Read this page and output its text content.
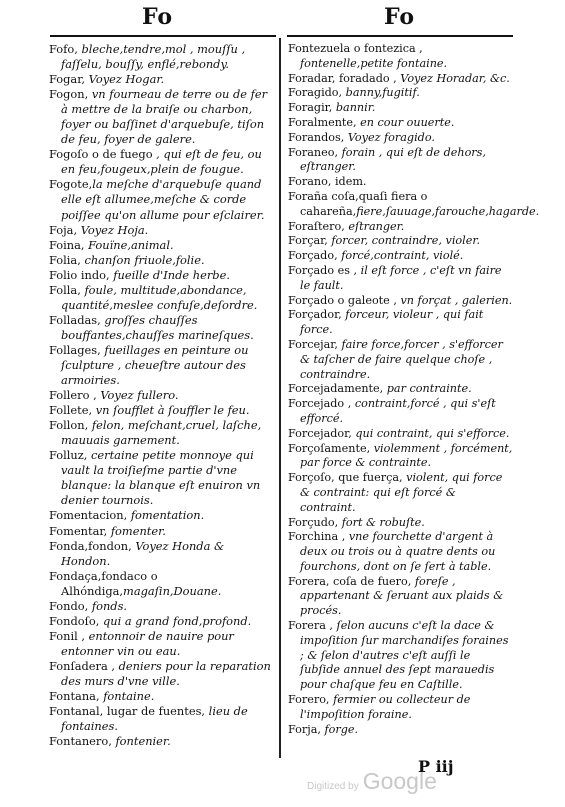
Fo	Fo

Fofo, bleche,tendre,mol , mouſſu , faſſelu, bouſſy, enflé,rebondy.

Fogar, Voyez Hogar.

Fogon, vn fourneau de terre ou de fer à mettre de la braiſe ou charbon, foyer ou baſſinet d'arquebuſe, tiſon de feu, foyer de galere.

Fogoſo o de fuego , qui eſt de feu, ou en feu,fougeux,plein de fougue.

Fogote,la meſche d'arquebuſe quand elle eſt allumee,meſche & corde poiſſee qu'on allume pour eſclairer.

Foja, Voyez Hoja.

Foina, Fouïne,animal.

Folia, chanſon friuole,folie.

Folio indo, fueille d'Inde herbe.

Folla, foule, multitude,abondance, quantité,meslee confuſe,deſordre.

Folladas, groſſes chauſſes bouffantes,chauſſes marineſques.

Follages, fueillages en peinture ou ſculpture , cheueſtre autour des armoiries.

Follero , Voyez fullero.

Follete, vn ſoufflet à ſouffler le feu.

Follon, felon, meſchant,cruel, laſche, mauuais garnement.

Folluz, certaine petite monnoye qui vault la troiſieſme partie d'vne blanque: la blanque eſt enuiron vn denier tournois.

Fomentacion, fomentation.

Fomentar, fomenter.

Fonda,fondon, Voyez Honda & Hondon.

Fondaça,fondaco o Alhóndiga,magaſin,Douane.

Fondo, fonds.

Fondoſo, qui a grand fond,profond.

Fonil , entonnoir de nauire pour entonner vin ou eau.

Fonſadera , deniers pour la reparation des murs d'vne ville.

Fontana, fontaine.

Fontanal, lugar de fuentes, lieu de fontaines.

Fontanero, fontenier.

Fontezuela o fontezica , fontenelle,petite fontaine.

Foradar, foradado , Voyez Horadar, &c.

Foragido, banny,fugitif.

Foragir, bannir.

Foralmente, en cour ouuerte.

Forandos, Voyez foragido.

Foraneo, forain , qui eſt de dehors, eſtranger.

Forano, idem.

Foraña coſa,quaſi fiera o cahareña,fiere,ſauuage,farouche,hagarde.

Foraſtero, eſtranger.

Forçar, forcer, contraindre, violer.

Forçado, forcé,contraint, violé.

Forçado es , il eſt force , c'eſt vn faire le fault.

Forçado o galeote , vn forçat , galerien.

Forçador, forceur, violeur , qui fait force.

Forcejar, faire force,forcer , s'efforcer & taſcher de faire quelque choſe , contraindre.

Forcejadamente, par contrainte.

Forcejado , contraint,forcé , qui s'eſt efforcé.

Forcejador, qui contraint, qui s'efforce.

Forçoſamente, violemment , forcément, par force & contrainte.

Forçoſo, que fuerça, violent, qui force & contraint: qui eſt forcé & contraint.

Forçudo, fort & robuſte.

Forchina , vne fourchette d'argent à deux ou trois ou à quatre dents ou fourchons, dont on ſe ſert à table.

Forera, coſa de fuero, foreſe , appartenant & ſeruant aux plaids & procés.

Forera , ſelon aucuns c'eſt la dace & impoſition ſur marchandiſes foraines ; & ſelon d'autres c'eſt auſſi le ſubſide annuel des ſept marauedis pour chaſque feu en Caſtille.

Forero, fermier ou collecteur de l'impoſition foraine.

Forja, forge.

P iij
Digitized by Google
